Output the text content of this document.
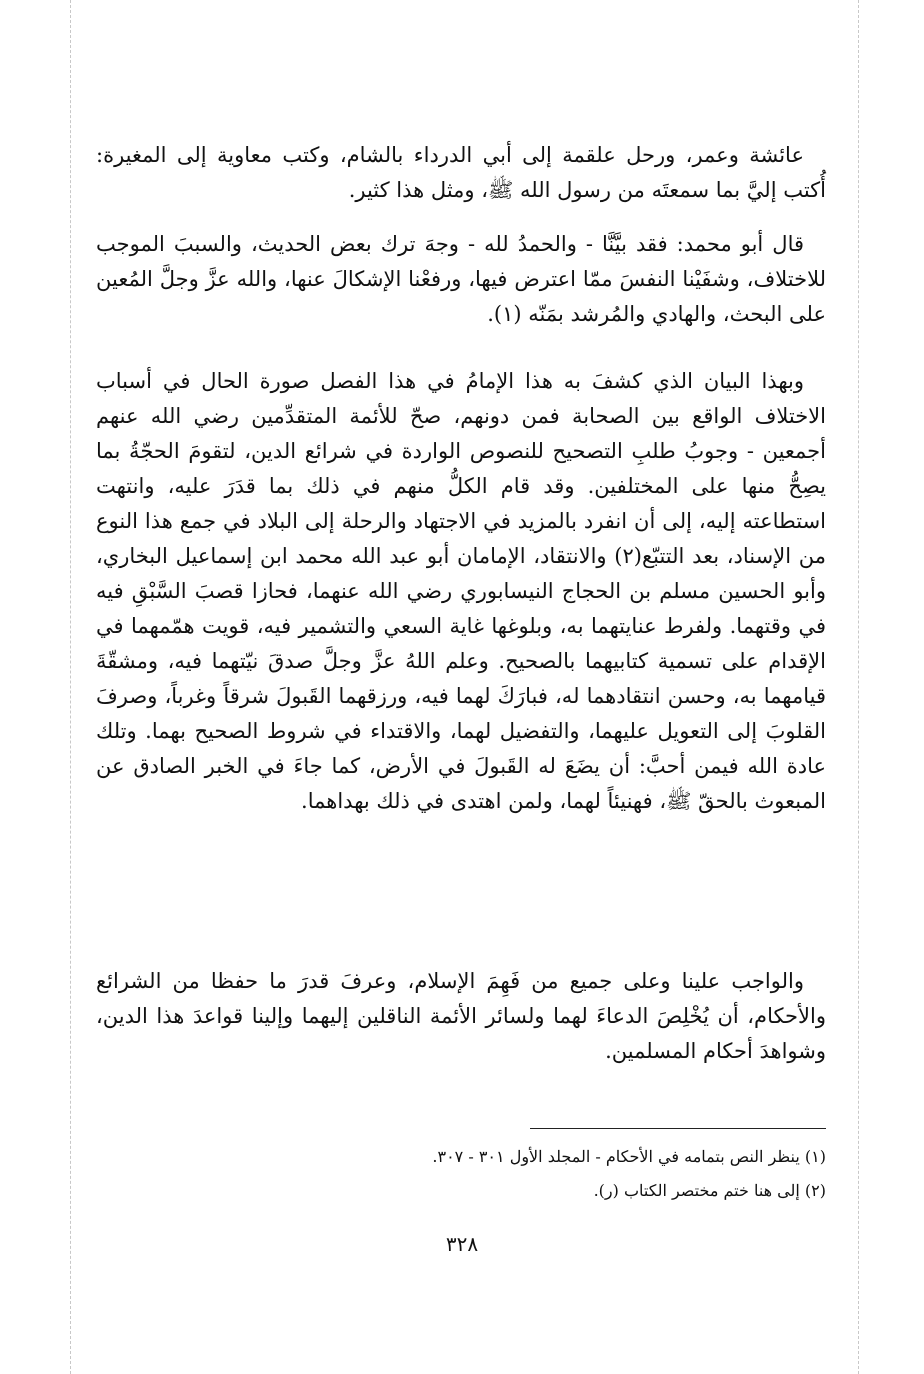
عائشة وعمر، ورحل علقمة إلى أبي الدرداء بالشام، وكتب معاوية إلى المغيرة: أُكتب إليَّ بما سمعتَه من رسول الله ﷺ، ومثل هذا كثير.

قال أبو محمد: فقد بيَّنَّا - والحمدُ لله - وجهَ ترك بعض الحديث، والسببَ الموجب للاختلاف، وشفَيْنا النفسَ ممّا اعترض فيها، ورفعْنا الإشكالَ عنها، والله عزَّ وجلَّ المُعين على البحث، والهادي والمُرشد بمَنّه (١).

وبهذا البيان الذي كشفَ به هذا الإمامُ في هذا الفصل صورة الحال في أسباب الاختلاف الواقع بين الصحابة فمن دونهم، صحّ للأئمة المتقدِّمين رضي الله عنهم أجمعين - وجوبُ طلبِ التصحيح للنصوص الواردة في شرائع الدين، لتقومَ الحجّةُ بما يصِحُّ منها على المختلفين. وقد قام الكلُّ منهم في ذلك بما قدَرَ عليه، وانتهت استطاعته إليه، إلى أن انفرد بالمزيد في الاجتهاد والرحلة إلى البلاد في جمع هذا النوع من الإسناد، بعد التتبّع(٢) والانتقاد، الإمامان أبو عبد الله محمد ابن إسماعيل البخاري، وأبو الحسين مسلم بن الحجاج النيسابوري رضي الله عنهما، فحازا قصبَ السَّبْقِ فيه في وقتهما. ولفرط عنايتهما به، وبلوغها غاية السعي والتشمير فيه، قويت همّمهما في الإقدام على تسمية كتابيهما بالصحيح. وعلم اللهُ عزَّ وجلَّ صدقَ نيّتهما فيه، ومشقّةَ قيامهما به، وحسن انتقادهما له، فبارَكَ لهما فيه، ورزقهما القَبولَ شرقاً وغرباً، وصرفَ القلوبَ إلى التعويل عليهما، والتفضيل لهما، والاقتداء في شروط الصحيح بهما. وتلك عادة الله فيمن أحبَّ: أن يضَعَ له القَبولَ في الأرض، كما جاءَ في الخبر الصادق عن المبعوث بالحقّ ﷺ، فهنيئاً لهما، ولمن اهتدى في ذلك بهداهما.

والواجب علينا وعلى جميع من فَهِمَ الإسلام، وعرفَ قدرَ ما حفظا من الشرائع والأحكام، أن يُخْلِصَ الدعاءَ لهما ولسائر الأئمة الناقلين إليهما وإلينا قواعدَ هذا الدين، وشواهدَ أحكام المسلمين.

(١) ينظر النص بتمامه في الأحكام - المجلد الأول ٣٠١ - ٣٠٧.
(٢) إلى هنا ختم مختصر الكتاب (ر).
٣٢٨
